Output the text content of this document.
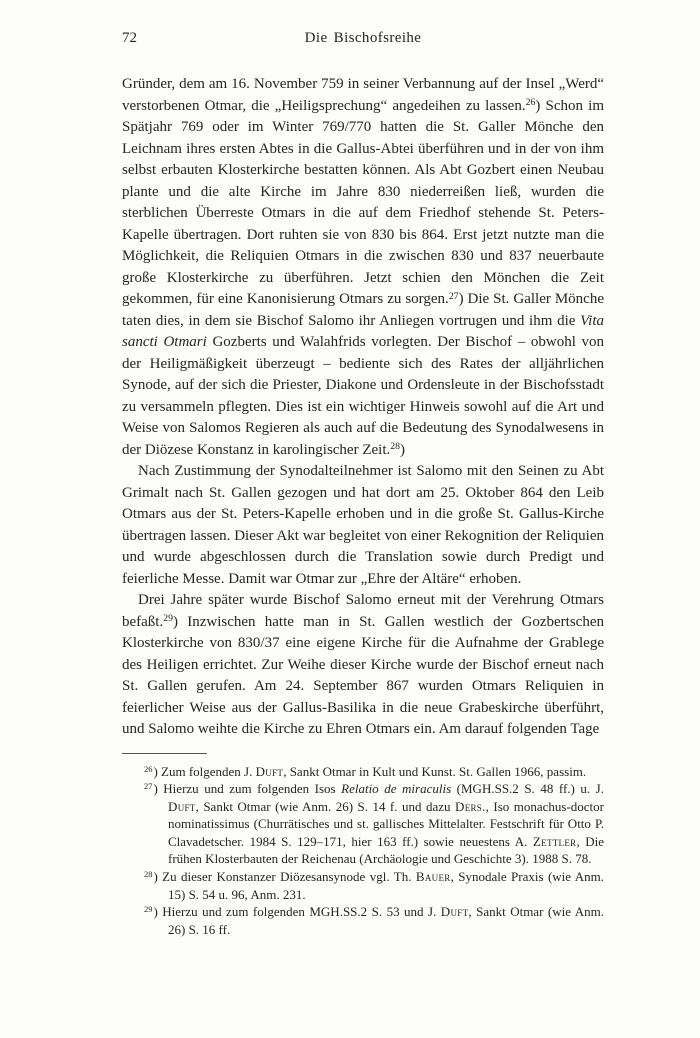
72	Die Bischofsreihe

Gründer, dem am 16. November 759 in seiner Verbannung auf der Insel „Werd“ verstorbenen Otmar, die „Heiligsprechung“ angedeihen zu lassen.$^{26}$) Schon im Spätjahr 769 oder im Winter 769/770 hatten die St. Galler Mönche den Leichnam ihres ersten Abtes in die Gallus-Abtei überführen und in der von ihm selbst erbauten Klosterkirche bestatten können. Als Abt Gozbert einen Neubau plante und die alte Kirche im Jahre 830 niederreißen ließ, wurden die sterblichen Überreste Otmars in die auf dem Friedhof stehende St. Peters-Kapelle übertragen. Dort ruhten sie von 830 bis 864. Erst jetzt nutzte man die Möglichkeit, die Reliquien Otmars in die zwischen 830 und 837 neuerbaute große Klosterkirche zu überführen. Jetzt schien den Mönchen die Zeit gekommen, für eine Kanonisierung Otmars zu sorgen.$^{27}$) Die St. Galler Mönche taten dies, in dem sie Bischof Salomo ihr Anliegen vortrugen und ihm die Vita sancti Otmari Gozberts und Walahfrids vorlegten. Der Bischof – obwohl von der Heiligmäßigkeit überzeugt – bediente sich des Rates der alljährlichen Synode, auf der sich die Priester, Diakone und Ordensleute in der Bischofsstadt zu versammeln pflegten. Dies ist ein wichtiger Hinweis sowohl auf die Art und Weise von Salomos Regieren als auch auf die Bedeutung des Synodalwesens in der Diözese Konstanz in karolingischer Zeit.$^{28}$)

Nach Zustimmung der Synodalteilnehmer ist Salomo mit den Seinen zu Abt Grimalt nach St. Gallen gezogen und hat dort am 25. Oktober 864 den Leib Otmars aus der St. Peters-Kapelle erhoben und in die große St. Gallus-Kirche übertragen lassen. Dieser Akt war begleitet von einer Rekognition der Reliquien und wurde abgeschlossen durch die Translation sowie durch Predigt und feierliche Messe. Damit war Otmar zur „Ehre der Altäre“ erhoben.

Drei Jahre später wurde Bischof Salomo erneut mit der Verehrung Otmars befaßt.$^{29}$) Inzwischen hatte man in St. Gallen westlich der Gozbertschen Klosterkirche von 830/37 eine eigene Kirche für die Aufnahme der Grablege des Heiligen errichtet. Zur Weihe dieser Kirche wurde der Bischof erneut nach St. Gallen gerufen. Am 24. September 867 wurden Otmars Reliquien in feierlicher Weise aus der Gallus-Basilika in die neue Grabeskirche überführt, und Salomo weihte die Kirche zu Ehren Otmars ein. Am darauf folgenden Tage

$^{26}$) Zum folgenden J. Duft, Sankt Otmar in Kult und Kunst. St. Gallen 1966, passim.
$^{27}$) Hierzu und zum folgenden Isos Relatio de miraculis (MGH.SS.2 S. 48 ff.) u. J. Duft, Sankt Otmar (wie Anm. 26) S. 14 f. und dazu Ders., Iso monachus-doctor nominatissimus (Churrätisches und st. gallisches Mittelalter. Festschrift für Otto P. Clavadetscher. 1984 S. 129–171, hier 163 ff.) sowie neuestens A. Zettler, Die frühen Klosterbauten der Reichenau (Archäologie und Geschichte 3). 1988 S. 78.
$^{28}$) Zu dieser Konstanzer Diözesansynode vgl. Th. Bauer, Synodale Praxis (wie Anm. 15) S. 54 u. 96, Anm. 231.
$^{29}$) Hierzu und zum folgenden MGH.SS.2 S. 53 und J. Duft, Sankt Otmar (wie Anm. 26) S. 16 ff.
